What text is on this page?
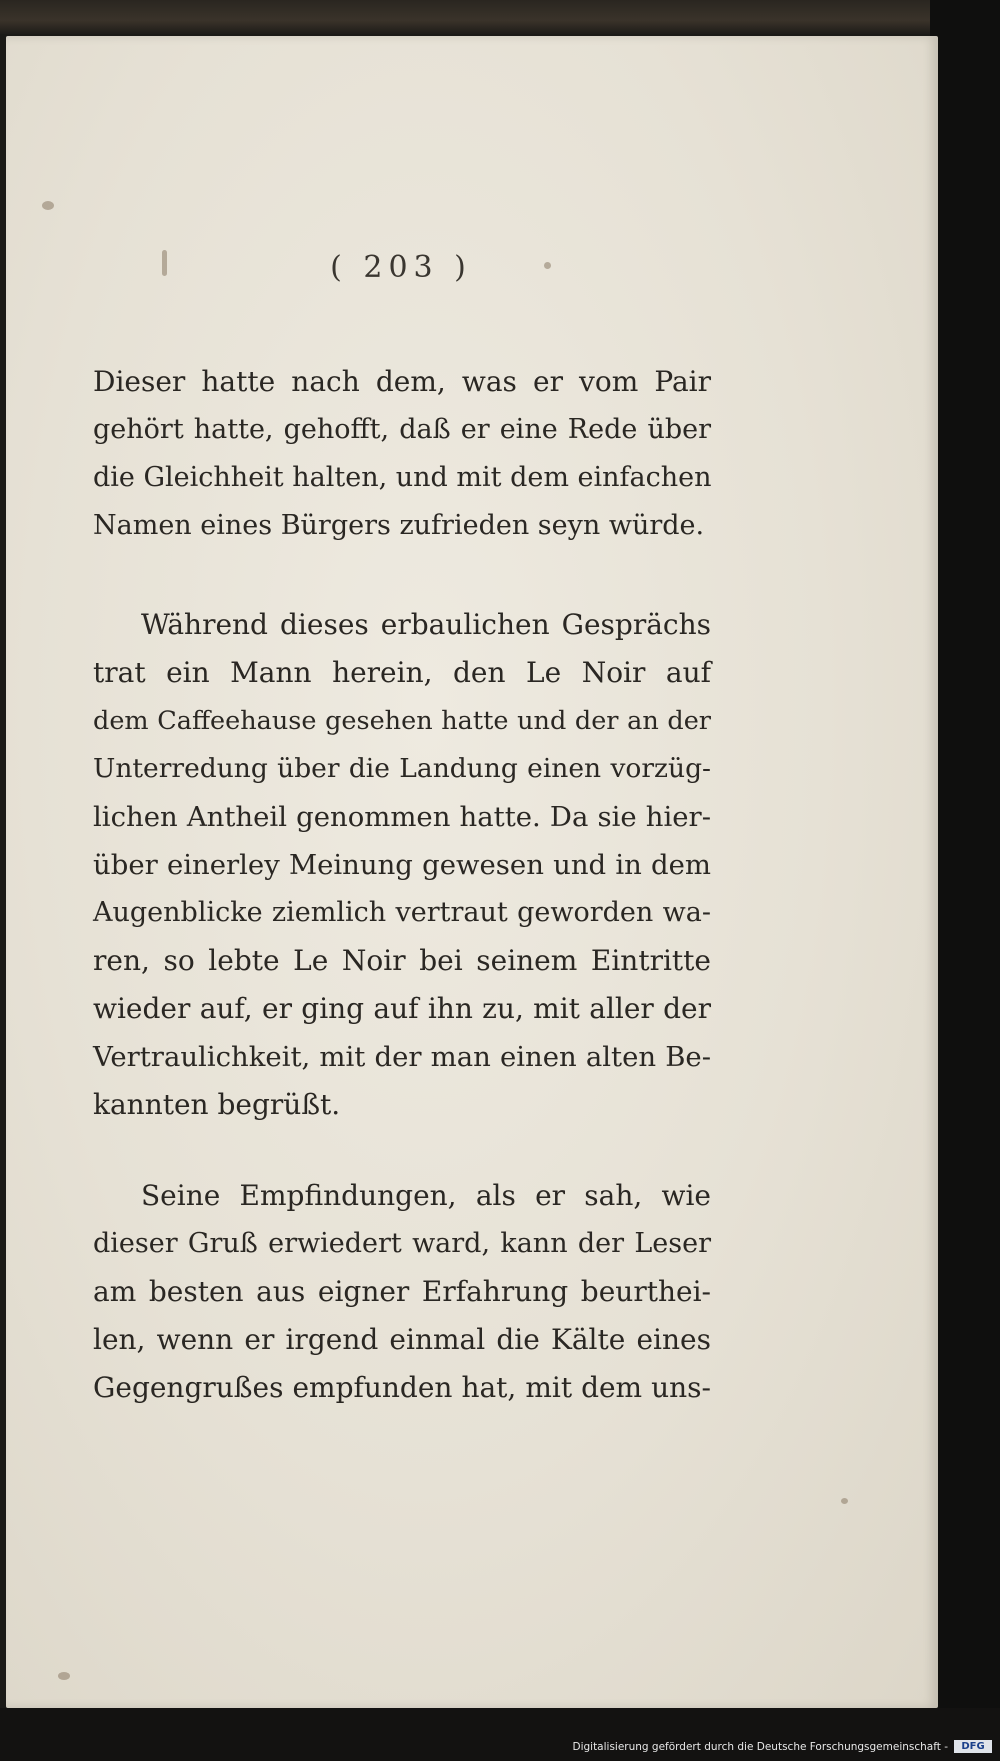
( 203 )
Dieser hatte nach dem, was er vom Pair
gehört hatte, gehofft, daß er eine Rede über
die Gleichheit halten, und mit dem einfachen
Namen eines Bürgers zufrieden seyn würde.
Während dieses erbaulichen Gesprächs
trat ein Mann herein, den Le Noir auf
dem Caffeehause gesehen hatte und der an der
Unterredung über die Landung einen vorzüg-
lichen Antheil genommen hatte. Da sie hier-
über einerley Meinung gewesen und in dem
Augenblicke ziemlich vertraut geworden wa-
ren, so lebte Le Noir bei seinem Eintritte
wieder auf, er ging auf ihn zu, mit aller der
Vertraulichkeit, mit der man einen alten Be-
kannten begrüßt.
Seine Empfindungen, als er sah, wie
dieser Gruß erwiedert ward, kann der Leser
am besten aus eigner Erfahrung beurthei-
len, wenn er irgend einmal die Kälte eines
Gegengrußes empfunden hat, mit dem uns-
Digitalisierung gefördert durch die Deutsche Forschungsgemeinschaft -	DFG
